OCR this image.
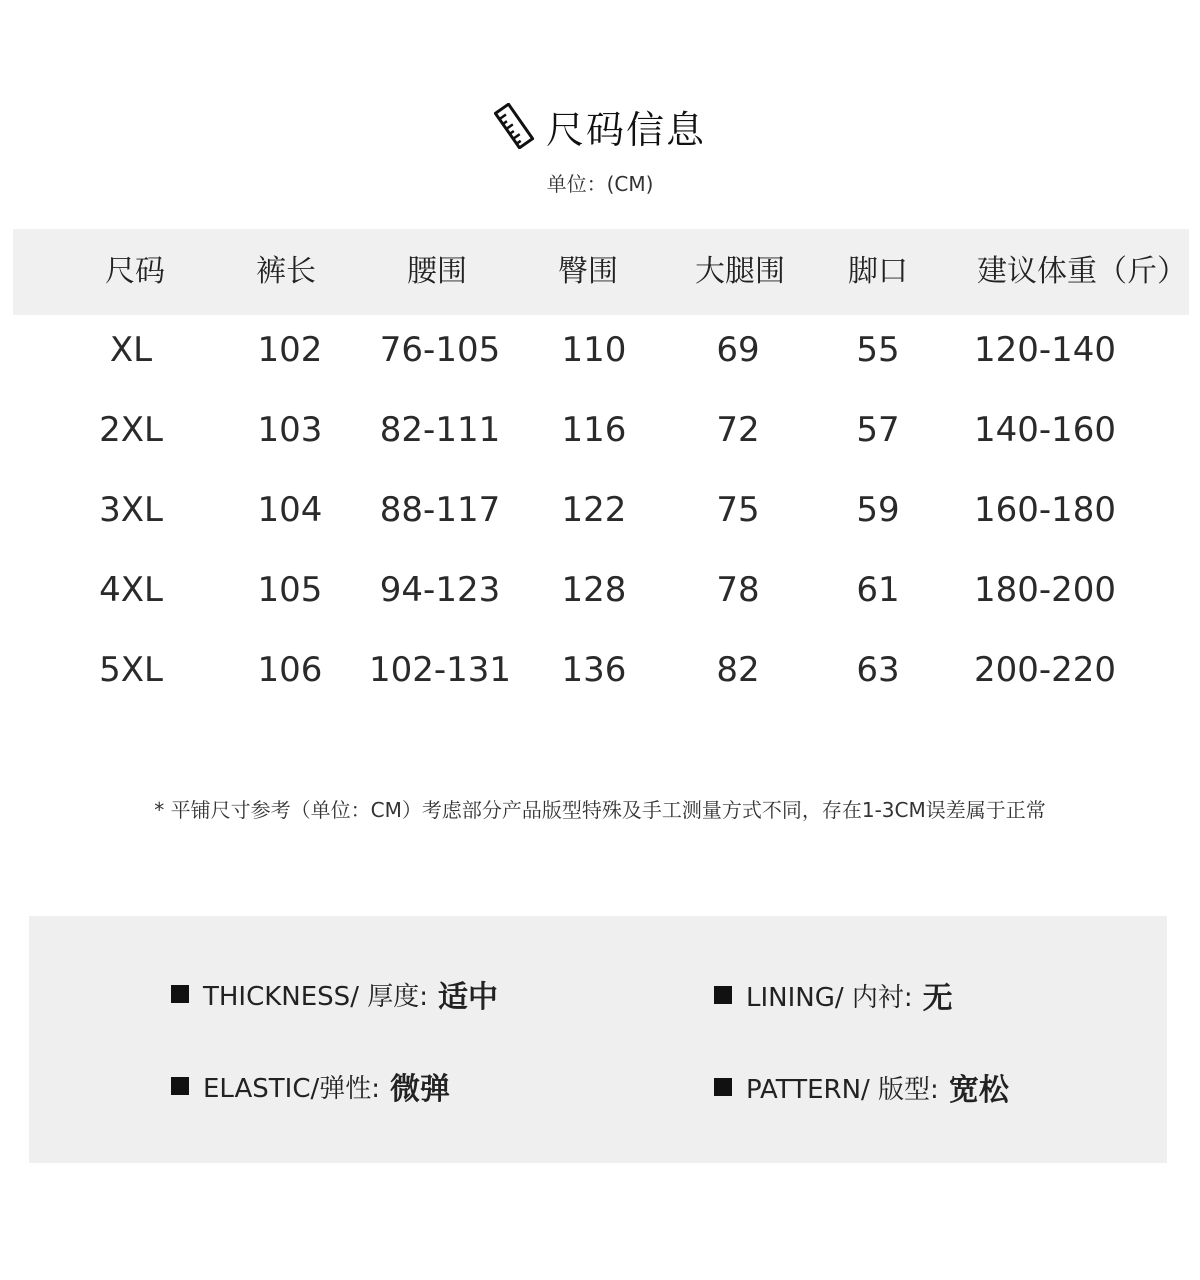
尺码信息
单位：(CM)
尺码	裤长	腰围	臀围	大腿围	脚口	建议体重（斤）
XL	102	76-105	110	69	55	120-140
2XL	103	82-111	116	72	57	140-160
3XL	104	88-117	122	75	59	160-180
4XL	105	94-123	128	78	61	180-200
5XL	106	102-131	136	82	63	200-220
* 平铺尺寸参考（单位：CM）考虑部分产品版型特殊及手工测量方式不同，存在1-3CM误差属于正常
THICKNESS/ 厚度: 适中	LINING/ 内衬: 无
ELASTIC/弹性: 微弹	PATTERN/ 版型: 宽松
